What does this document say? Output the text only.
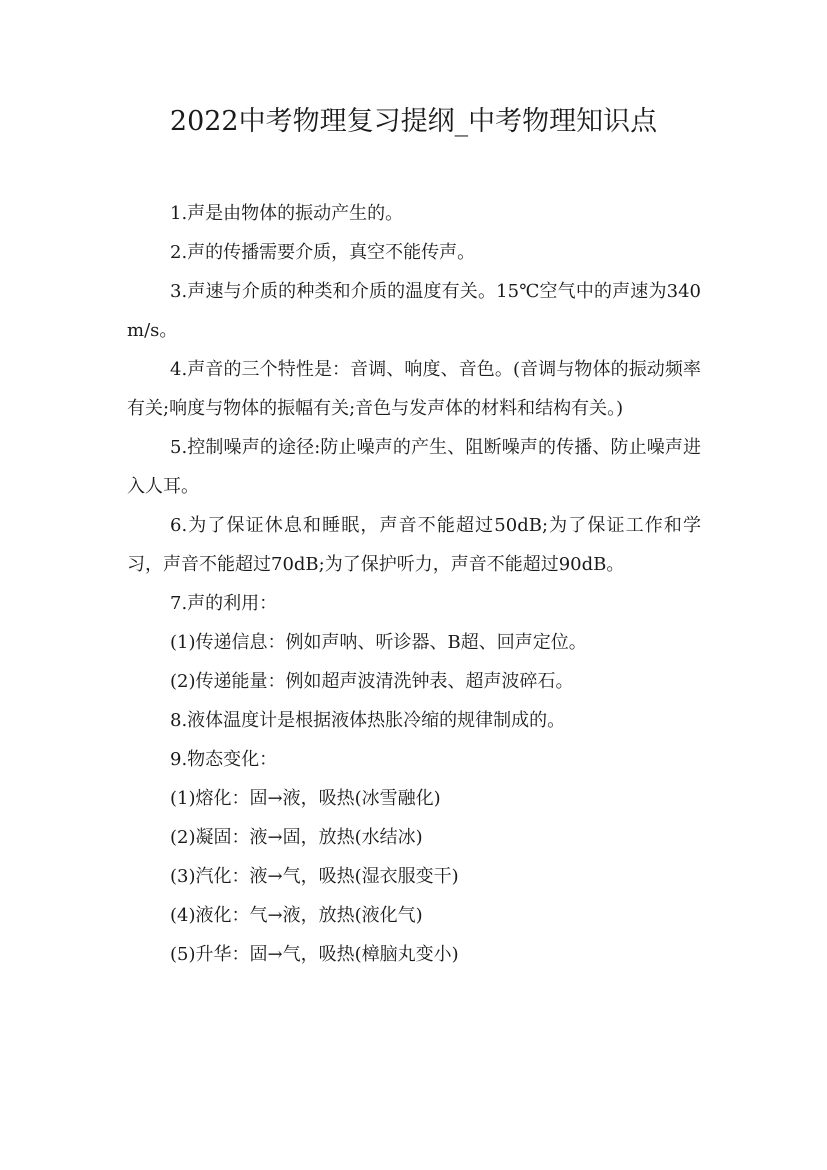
2022中考物理复习提纲_中考物理知识点

1.声是由物体的振动产生的。

2.声的传播需要介质，真空不能传声。

3.声速与介质的种类和介质的温度有关。15℃空气中的声速为340m/s。

4.声音的三个特性是：音调、响度、音色。(音调与物体的振动频率有关;响度与物体的振幅有关;音色与发声体的材料和结构有关。)

5.控制噪声的途径:防止噪声的产生、阻断噪声的传播、防止噪声进入人耳。

6.为了保证休息和睡眠，声音不能超过50dB;为了保证工作和学习，声音不能超过70dB;为了保护听力，声音不能超过90dB。

7.声的利用：

(1)传递信息：例如声呐、听诊器、B超、回声定位。

(2)传递能量：例如超声波清洗钟表、超声波碎石。

8.液体温度计是根据液体热胀冷缩的规律制成的。

9.物态变化：

(1)熔化：固→液，吸热(冰雪融化)

(2)凝固：液→固，放热(水结冰)

(3)汽化：液→气，吸热(湿衣服变干)

(4)液化：气→液，放热(液化气)

(5)升华：固→气，吸热(樟脑丸变小)
